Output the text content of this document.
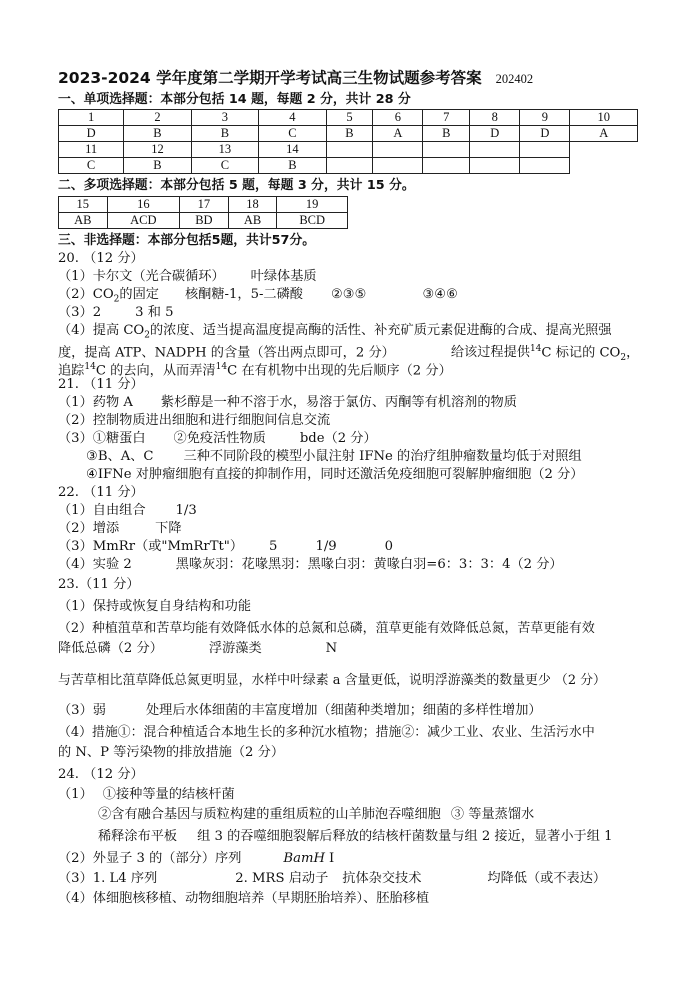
2023-2024 学年度第二学期开学考试高三生物试题参考答案 202402
一、单项选择题：本部分包括 14 题，每题 2 分，共计 28 分
1	2	3	4	5	6	7	8	9	10
D	B	B	C	B	A	B	D	D	A
11	12	13	14						
C	B	C	B						
二、多项选择题：本部分包括 5 题，每题 3 分，共计 15 分。
15	16	17	18	19
AB	ACD	BD	AB	BCD
三、非选择题：本部分包括5题，共计57分。
20. （12 分）
（1）卡尔文（光合碳循环） 叶绿体基质
$(2)CO_2$的固定 核酮糖-1，5-二磷酸 ②③⑤	③④⑥
（3）2	3 和 5
（4）提高 $CO_2$的浓度、适当提高温度提高酶的活性、补充矿质元素促进酶的合成、提高光照强
度，提高 ATP、NADPH 的含量（答出两点即可，2 分）	给该过程提供$^{14}$C 标记的 $CO_2$，
追踪$^{14}$C 的去向，从而弄清$^{14}$C 在有机物中出现的先后顺序（2 分）
21. （11 分）
（1）药物 A 紫杉醇是一种不溶于水，易溶于氯仿、丙酮等有机溶剂的物质
（2）控制物质进出细胞和进行细胞间信息交流
（3）①糖蛋白 ②免疫活性物质	bde（2 分）
③B、A、C 三种不同阶段的模型小鼠注射 IFNe 的治疗组肿瘤数量均低于对照组
④IFNe 对肿瘤细胞有直接的抑制作用，同时还激活免疫细胞可裂解肿瘤细胞（2 分）
22. （11 分）
（1）自由组合 1/3
（2）增添	下降
（3）MmRr（或"MmRrTt"） 5	1/9	0
（4）实验 2	黑喙灰羽：花喙黑羽：黑喙白羽：黄喙白羽=6：3：3：4（2 分）
23.（11 分）
（1）保持或恢复自身结构和功能
（2）种植菹草和苦草均能有效降低水体的总氮和总磷，菹草更能有效降低总氮，苦草更能有效
降低总磷（2 分）	浮游藻类	N
与苦草相比菹草降低总氮更明显，水样中叶绿素 a 含量更低，说明浮游藻类的数量更少 （2 分）
（3）弱	处理后水体细菌的丰富度增加（细菌种类增加；细菌的多样性增加）
（4）措施①：混合种植适合本地生长的多种沉水植物；措施②：减少工业、农业、生活污水中
的 N、P 等污染物的排放措施（2 分）
24. （12 分）
（1） ①接种等量的结核杆菌
②含有融合基因与质粒构建的重组质粒的山羊肺泡吞噬细胞 ③ 等量蒸馏水
稀释涂布平板 组 3 的吞噬细胞裂解后释放的结核杆菌数量与组 2 接近，显著小于组 1
（2）外显子 3 的（部分）序列	BamH Ⅰ
（3）1. L4 序列	2. MRS 启动子 抗体杂交技术	均降低（或不表达）
（4）体细胞核移植、动物细胞培养（早期胚胎培养）、胚胎移植
